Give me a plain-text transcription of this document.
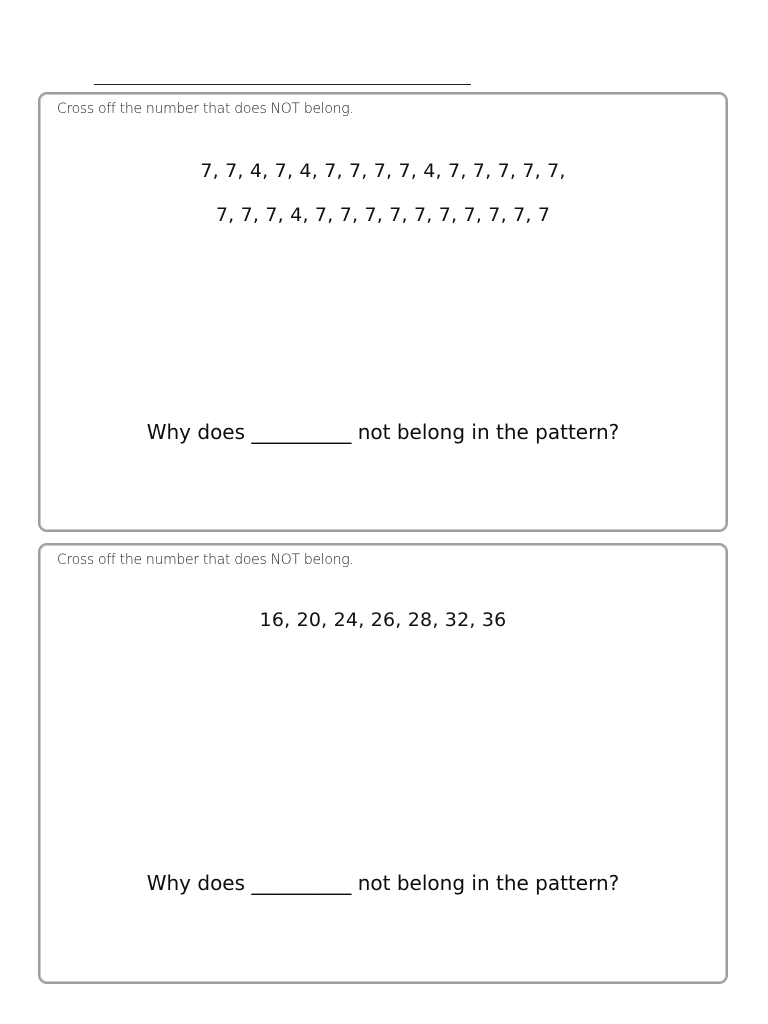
Cross off the number that does NOT belong.
7, 7, 4, 7, 4, 7, 7, 7, 7, 4, 7, 7, 7, 7, 7,
7, 7, 7, 4, 7, 7, 7, 7, 7, 7, 7, 7, 7, 7
Why does __________ not belong in the pattern?
Cross off the number that does NOT belong.
16, 20, 24, 26, 28, 32, 36
Why does __________ not belong in the pattern?
